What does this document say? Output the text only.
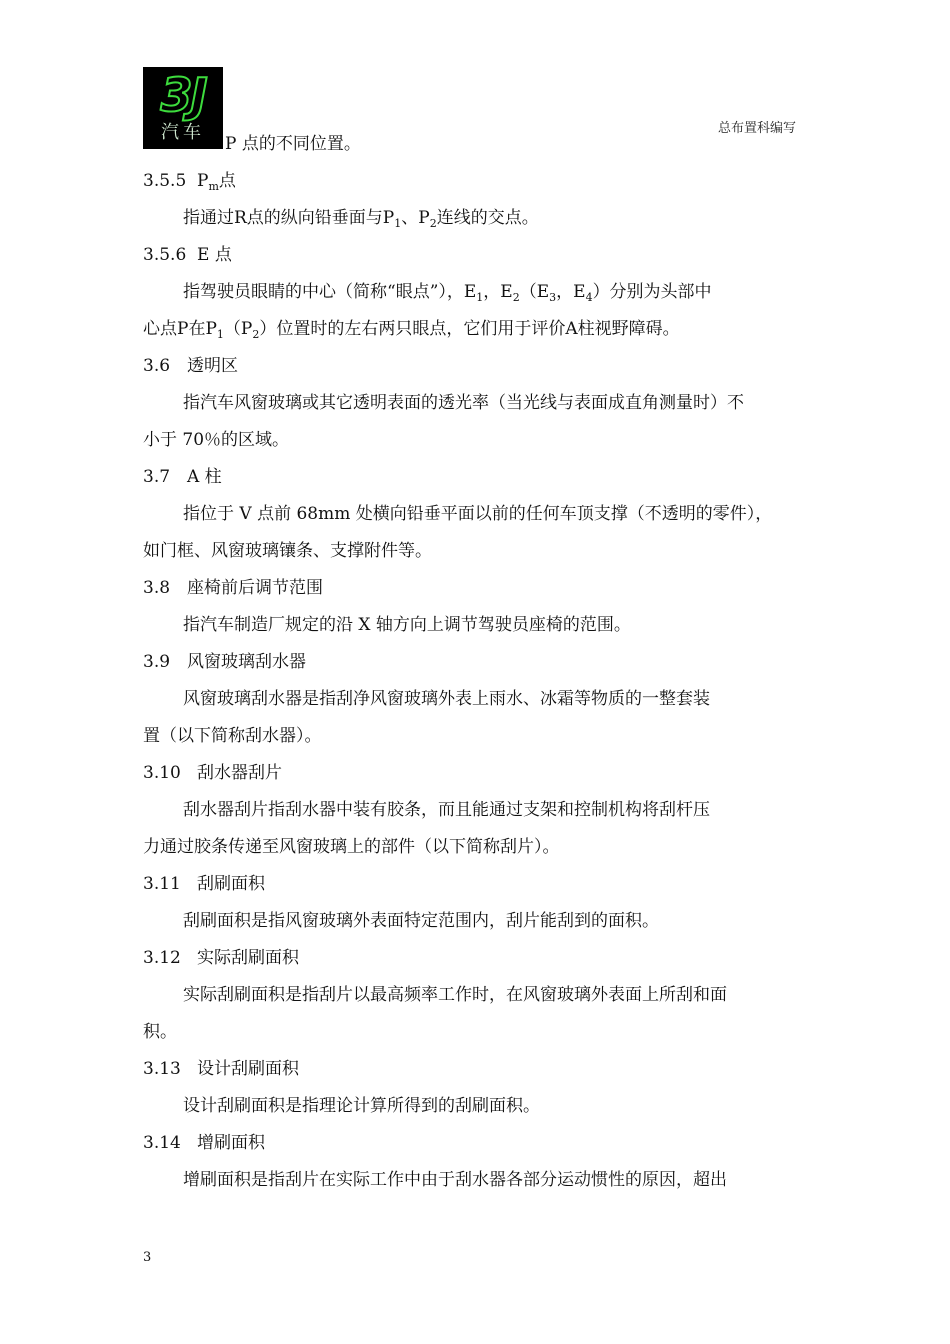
3J
汽车	总布置科编写
P 点的不同位置。
3.5.5 $P_m$点
指通过R点的纵向铅垂面与$P_1$、$P_2$连线的交点。
3.5.6 E 点
指驾驶员眼睛的中心（简称“眼点”），$E_1$，$E_2(E_3$，$E_4$）分别为头部中
心点P在$P_1(P_2)$位置时的左右两只眼点，它们用于评价A柱视野障碍。
3.6 透明区
指汽车风窗玻璃或其它透明表面的透光率（当光线与表面成直角测量时）不
小于 70％的区域。
3.7 A 柱
指位于 V 点前 68mm 处横向铅垂平面以前的任何车顶支撑（不透明的零件），
如门框、风窗玻璃镶条、支撑附件等。
3.8 座椅前后调节范围
指汽车制造厂规定的沿 X 轴方向上调节驾驶员座椅的范围。
3.9 风窗玻璃刮水器
风窗玻璃刮水器是指刮净风窗玻璃外表上雨水、冰霜等物质的一整套装
置（以下简称刮水器）。
3.10 刮水器刮片
刮水器刮片指刮水器中装有胶条，而且能通过支架和控制机构将刮杆压
力通过胶条传递至风窗玻璃上的部件（以下简称刮片）。
3.11 刮刷面积
刮刷面积是指风窗玻璃外表面特定范围内，刮片能刮到的面积。
3.12 实际刮刷面积
实际刮刷面积是指刮片以最高频率工作时，在风窗玻璃外表面上所刮和面
积。
3.13 设计刮刷面积
设计刮刷面积是指理论计算所得到的刮刷面积。
3.14 增刷面积
增刷面积是指刮片在实际工作中由于刮水器各部分运动惯性的原因，超出
3
